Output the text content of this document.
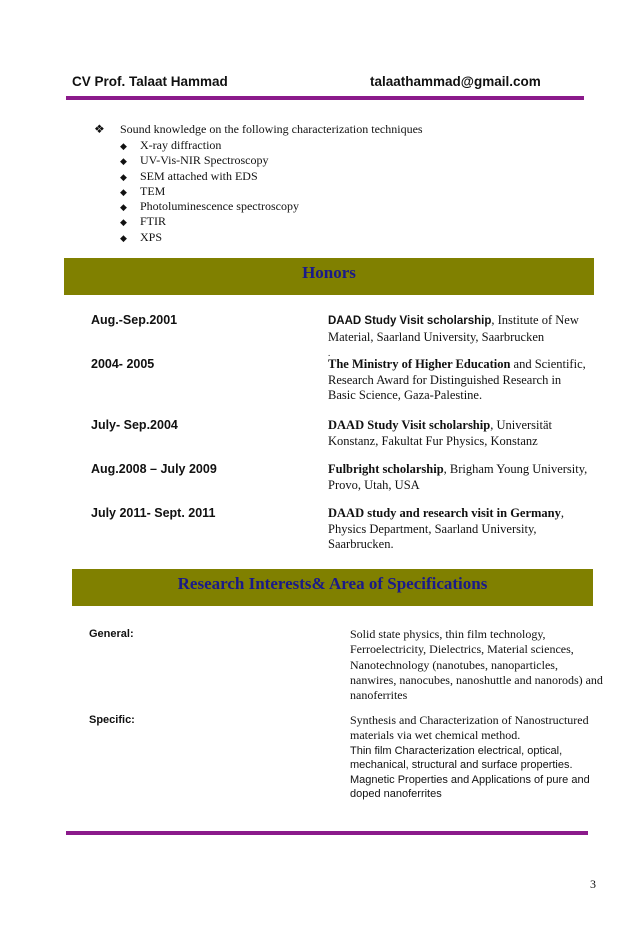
CV Prof. Talaat Hammad	talaathammad@gmail.com
❖ Sound knowledge on the following characterization techniques
◆ X-ray diffraction
◆ UV-Vis-NIR Spectroscopy
◆ SEM attached with EDS
◆ TEM
◆ Photoluminescence spectroscopy
◆ FTIR
◆ XPS
Honors
Aug.-Sep.2001	DAAD Study Visit scholarship, Institute of New Material, Saarland University, Saarbrucken
.
2004- 2005	The Ministry of Higher Education and Scientific, Research Award for Distinguished Research in Basic Science, Gaza-Palestine.
July- Sep.2004	DAAD Study Visit scholarship, Universität Konstanz, Fakultat Fur Physics, Konstanz
Aug.2008 – July 2009	Fulbright scholarship, Brigham Young University, Provo, Utah, USA
July 2011- Sept. 2011	DAAD study and research visit in Germany, Physics Department, Saarland University, Saarbrucken.
Research Interests& Area of Specifications
General:	Solid state physics, thin film technology, Ferroelectricity, Dielectrics, Material sciences, Nanotechnology (nanotubes, nanoparticles, nanwires, nanocubes, nanoshuttle and nanorods) and nanoferrites
Specific:	Synthesis and Characterization of Nanostructured materials via wet chemical method.
Thin film Characterization electrical, optical, mechanical, structural and surface properties.
Magnetic Properties and Applications of pure and doped nanoferrites
3
